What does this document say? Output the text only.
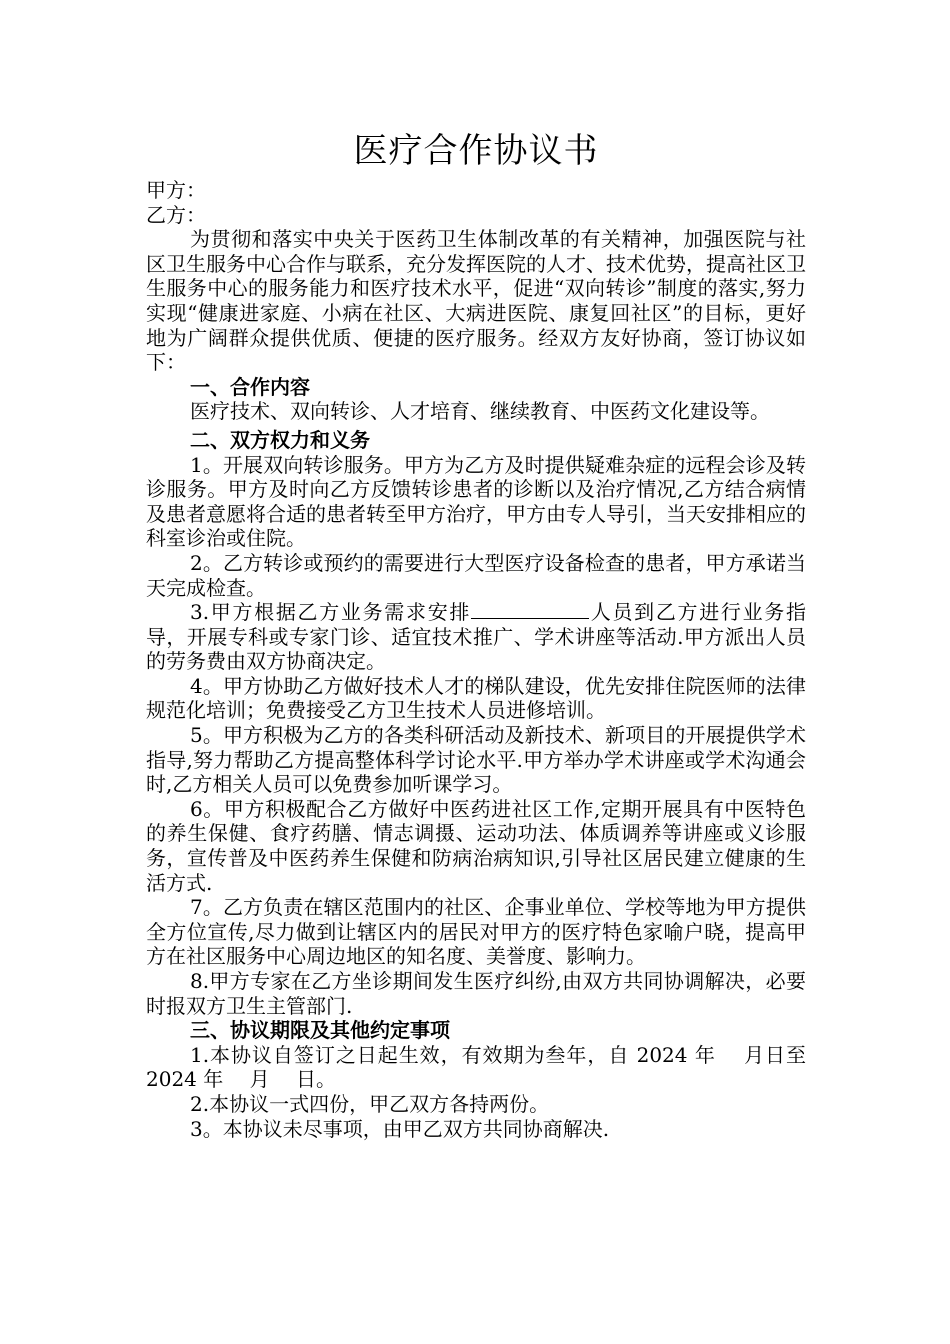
医疗合作协议书

甲方：

乙方：

为贯彻和落实中央关于医药卫生体制改革的有关精神，加强医院与社区卫生服务中心合作与联系，充分发挥医院的人才、技术优势，提高社区卫生服务中心的服务能力和医疗技术水平，促进“双向转诊”制度的落实,努力实现“健康进家庭、小病在社区、大病进医院、康复回社区”的目标，更好地为广阔群众提供优质、便捷的医疗服务。经双方友好协商，签订协议如下：

一、合作内容

医疗技术、双向转诊、人才培育、继续教育、中医药文化建设等。

二、双方权力和义务

1。开展双向转诊服务。甲方为乙方及时提供疑难杂症的远程会诊及转诊服务。甲方及时向乙方反馈转诊患者的诊断以及治疗情况,乙方结合病情及患者意愿将合适的患者转至甲方治疗，甲方由专人导引，当天安排相应的科室诊治或住院。

2。乙方转诊或预约的需要进行大型医疗设备检查的患者，甲方承诺当天完成检查。

3.甲方根据乙方业务需求安排	人员到乙方进行业务指导，开展专科或专家门诊、适宜技术推广、学术讲座等活动.甲方派出人员的劳务费由双方协商决定。

4。甲方协助乙方做好技术人才的梯队建设，优先安排住院医师的法律规范化培训；免费接受乙方卫生技术人员进修培训。

5。甲方积极为乙方的各类科研活动及新技术、新项目的开展提供学术指导,努力帮助乙方提高整体科学讨论水平.甲方举办学术讲座或学术沟通会时,乙方相关人员可以免费参加听课学习。

6。甲方积极配合乙方做好中医药进社区工作,定期开展具有中医特色的养生保健、食疗药膳、情志调摄、运动功法、体质调养等讲座或义诊服务，宣传普及中医药养生保健和防病治病知识,引导社区居民建立健康的生活方式.

7。乙方负责在辖区范围内的社区、企事业单位、学校等地为甲方提供全方位宣传,尽力做到让辖区内的居民对甲方的医疗特色家喻户晓，提高甲方在社区服务中心周边地区的知名度、美誉度、影响力。

8.甲方专家在乙方坐诊期间发生医疗纠纷,由双方共同协调解决，必要时报双方卫生主管部门.

三、协议期限及其他约定事项

1.本协议自签订之日起生效，有效期为叁年，自 2024 年　 月日至 2024 年　 月　 日。

2.本协议一式四份，甲乙双方各持两份。

3。本协议未尽事项，由甲乙双方共同协商解决.
